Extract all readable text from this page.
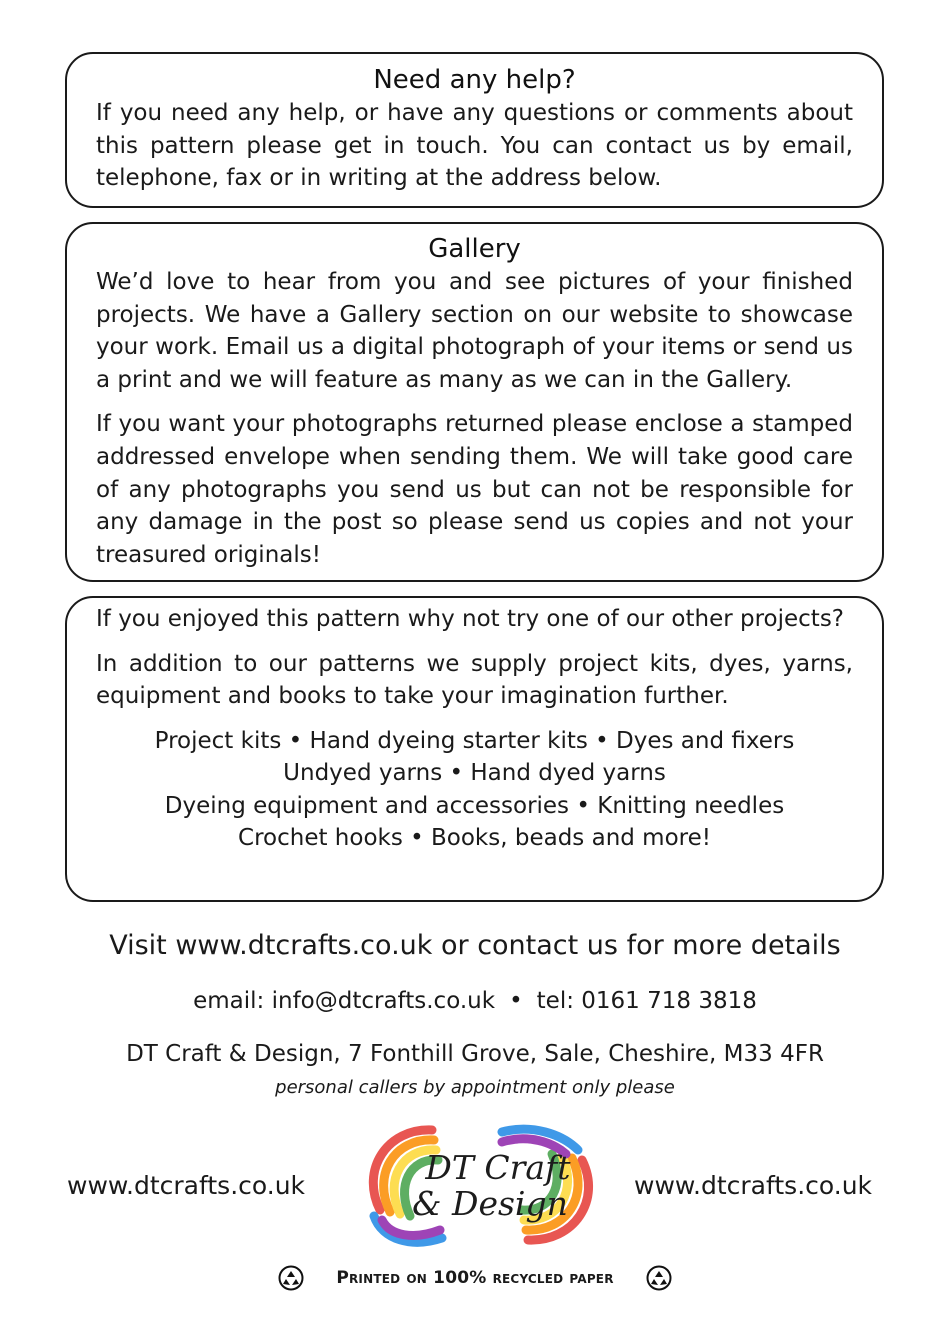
Need any help?

If you need any help, or have any questions or comments about this pattern please get in touch. You can contact us by email, telephone, fax or in writing at the address below.

Gallery

We’d love to hear from you and see pictures of your finished projects. We have a Gallery section on our website to showcase your work. Email us a digital photograph of your items or send us a print and we will feature as many as we can in the Gallery.

If you want your photographs returned please enclose a stamped addressed envelope when sending them. We will take good care of any photographs you send us but can not be responsible for any damage in the post so please send us copies and not your treasured originals!

If you enjoyed this pattern why not try one of our other projects?

In addition to our patterns we supply project kits, dyes, yarns, equipment and books to take your imagination further.

Project kits • Hand dyeing starter kits • Dyes and fixers
Undyed yarns • Hand dyed yarns
Dyeing equipment and accessories • Knitting needles
Crochet hooks • Books, beads and more!
Visit www.dtcrafts.co.uk or contact us for more details
email: info@dtcrafts.co.uk • tel: 0161 718 3818
DT Craft & Design, 7 Fonthill Grove, Sale, Cheshire, M33 4FR
personal callers by appointment only please
www.dtcrafts.co.uk	DT Craft
& Design	www.dtcrafts.co.uk
Printed on 100% recycled paper
